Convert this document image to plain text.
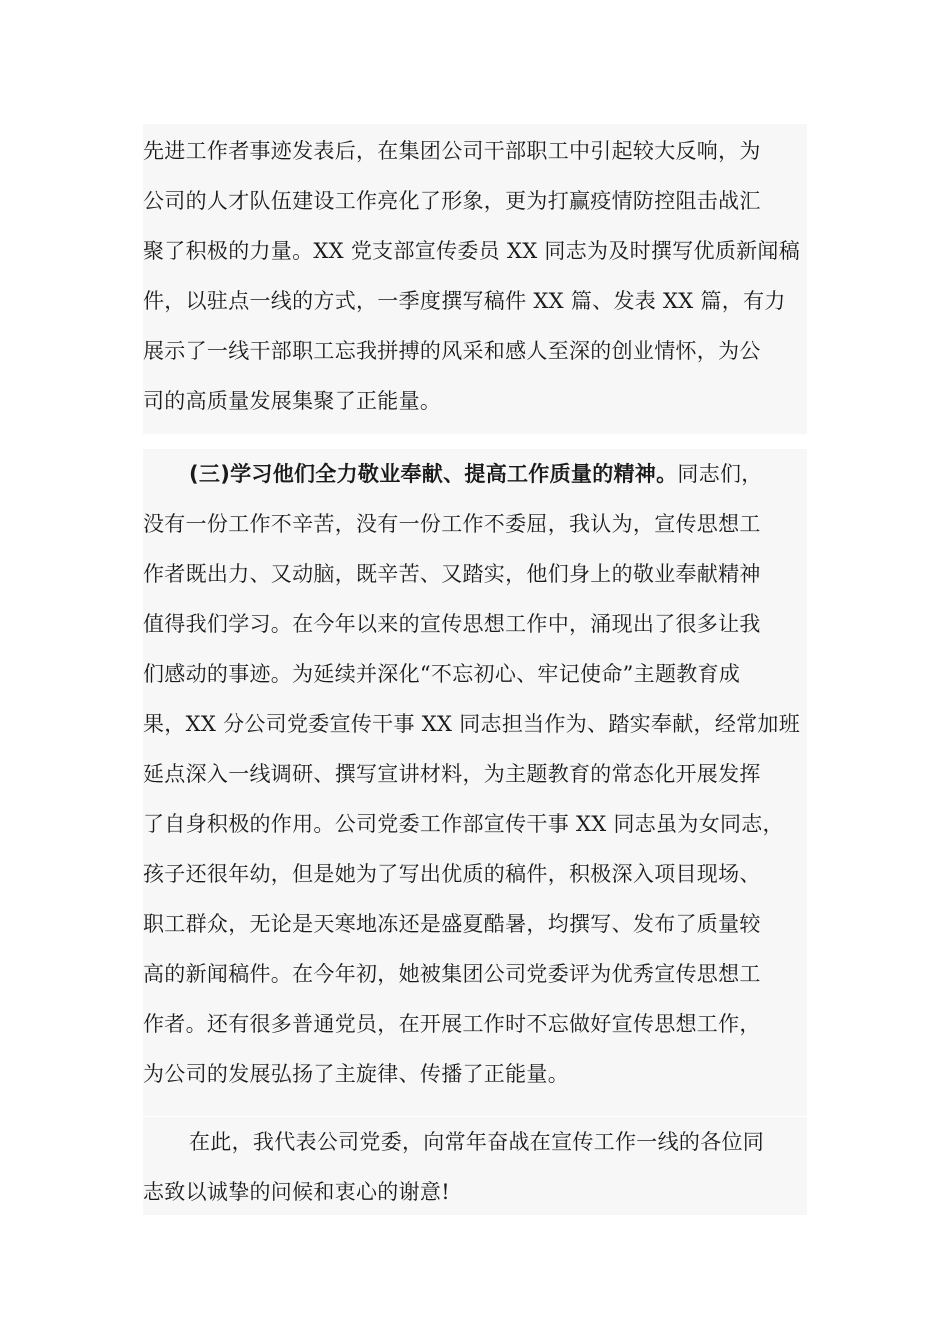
先进工作者事迹发表后，在集团公司干部职工中引起较大反响，为
公司的人才队伍建设工作亮化了形象，更为打赢疫情防控阻击战汇
聚了积极的力量。XX 党支部宣传委员 XX 同志为及时撰写优质新闻稿
件，以驻点一线的方式，一季度撰写稿件 XX 篇、发表 XX 篇，有力
展示了一线干部职工忘我拼搏的风采和感人至深的创业情怀，为公
司的高质量发展集聚了正能量。
(三)学习他们全力敬业奉献、提高工作质量的精神。同志们，
没有一份工作不辛苦，没有一份工作不委屈，我认为，宣传思想工
作者既出力、又动脑，既辛苦、又踏实，他们身上的敬业奉献精神
值得我们学习。在今年以来的宣传思想工作中，涌现出了很多让我
们感动的事迹。为延续并深化“不忘初心、牢记使命”主题教育成
果，XX 分公司党委宣传干事 XX 同志担当作为、踏实奉献，经常加班
延点深入一线调研、撰写宣讲材料，为主题教育的常态化开展发挥
了自身积极的作用。公司党委工作部宣传干事 XX 同志虽为女同志，
孩子还很年幼，但是她为了写出优质的稿件，积极深入项目现场、
职工群众，无论是天寒地冻还是盛夏酷暑，均撰写、发布了质量较
高的新闻稿件。在今年初，她被集团公司党委评为优秀宣传思想工
作者。还有很多普通党员，在开展工作时不忘做好宣传思想工作，
为公司的发展弘扬了主旋律、传播了正能量。
在此，我代表公司党委，向常年奋战在宣传工作一线的各位同
志致以诚挚的问候和衷心的谢意!
